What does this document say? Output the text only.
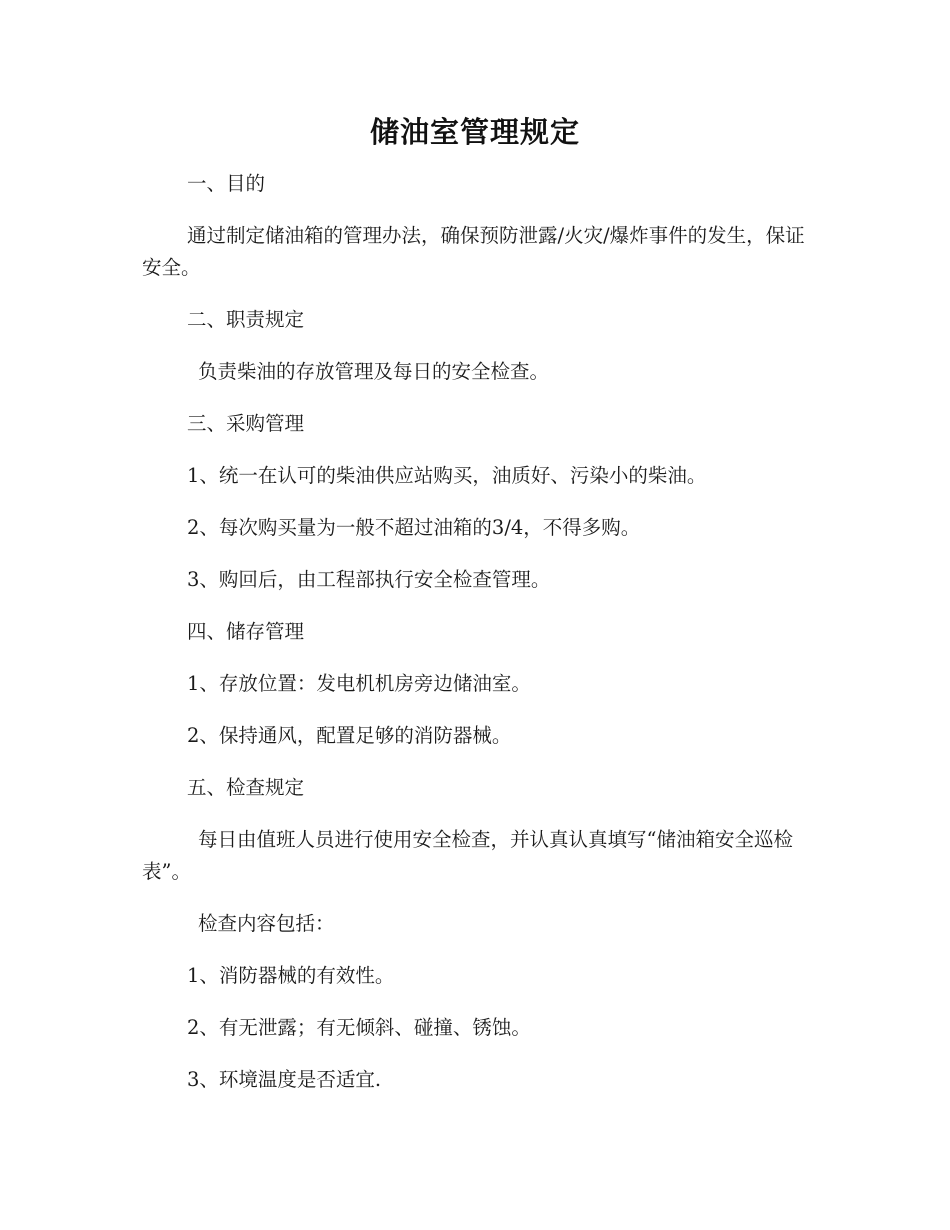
储油室管理规定

一、目的

通过制定储油箱的管理办法，确保预防泄露/火灾/爆炸事件的发生，保证安全。

二、职责规定

负责柴油的存放管理及每日的安全检查。

三、采购管理

1、统一在认可的柴油供应站购买，油质好、污染小的柴油。

2、每次购买量为一般不超过油箱的3/4，不得多购。

3、购回后，由工程部执行安全检查管理。

四、储存管理

1、存放位置：发电机机房旁边储油室。

2、保持通风，配置足够的消防器械。

五、检查规定

每日由值班人员进行使用安全检查，并认真认真填写“储油箱安全巡检表”。

检查内容包括：

1、消防器械的有效性。

2、有无泄露；有无倾斜、碰撞、锈蚀。

3、环境温度是否适宜.
